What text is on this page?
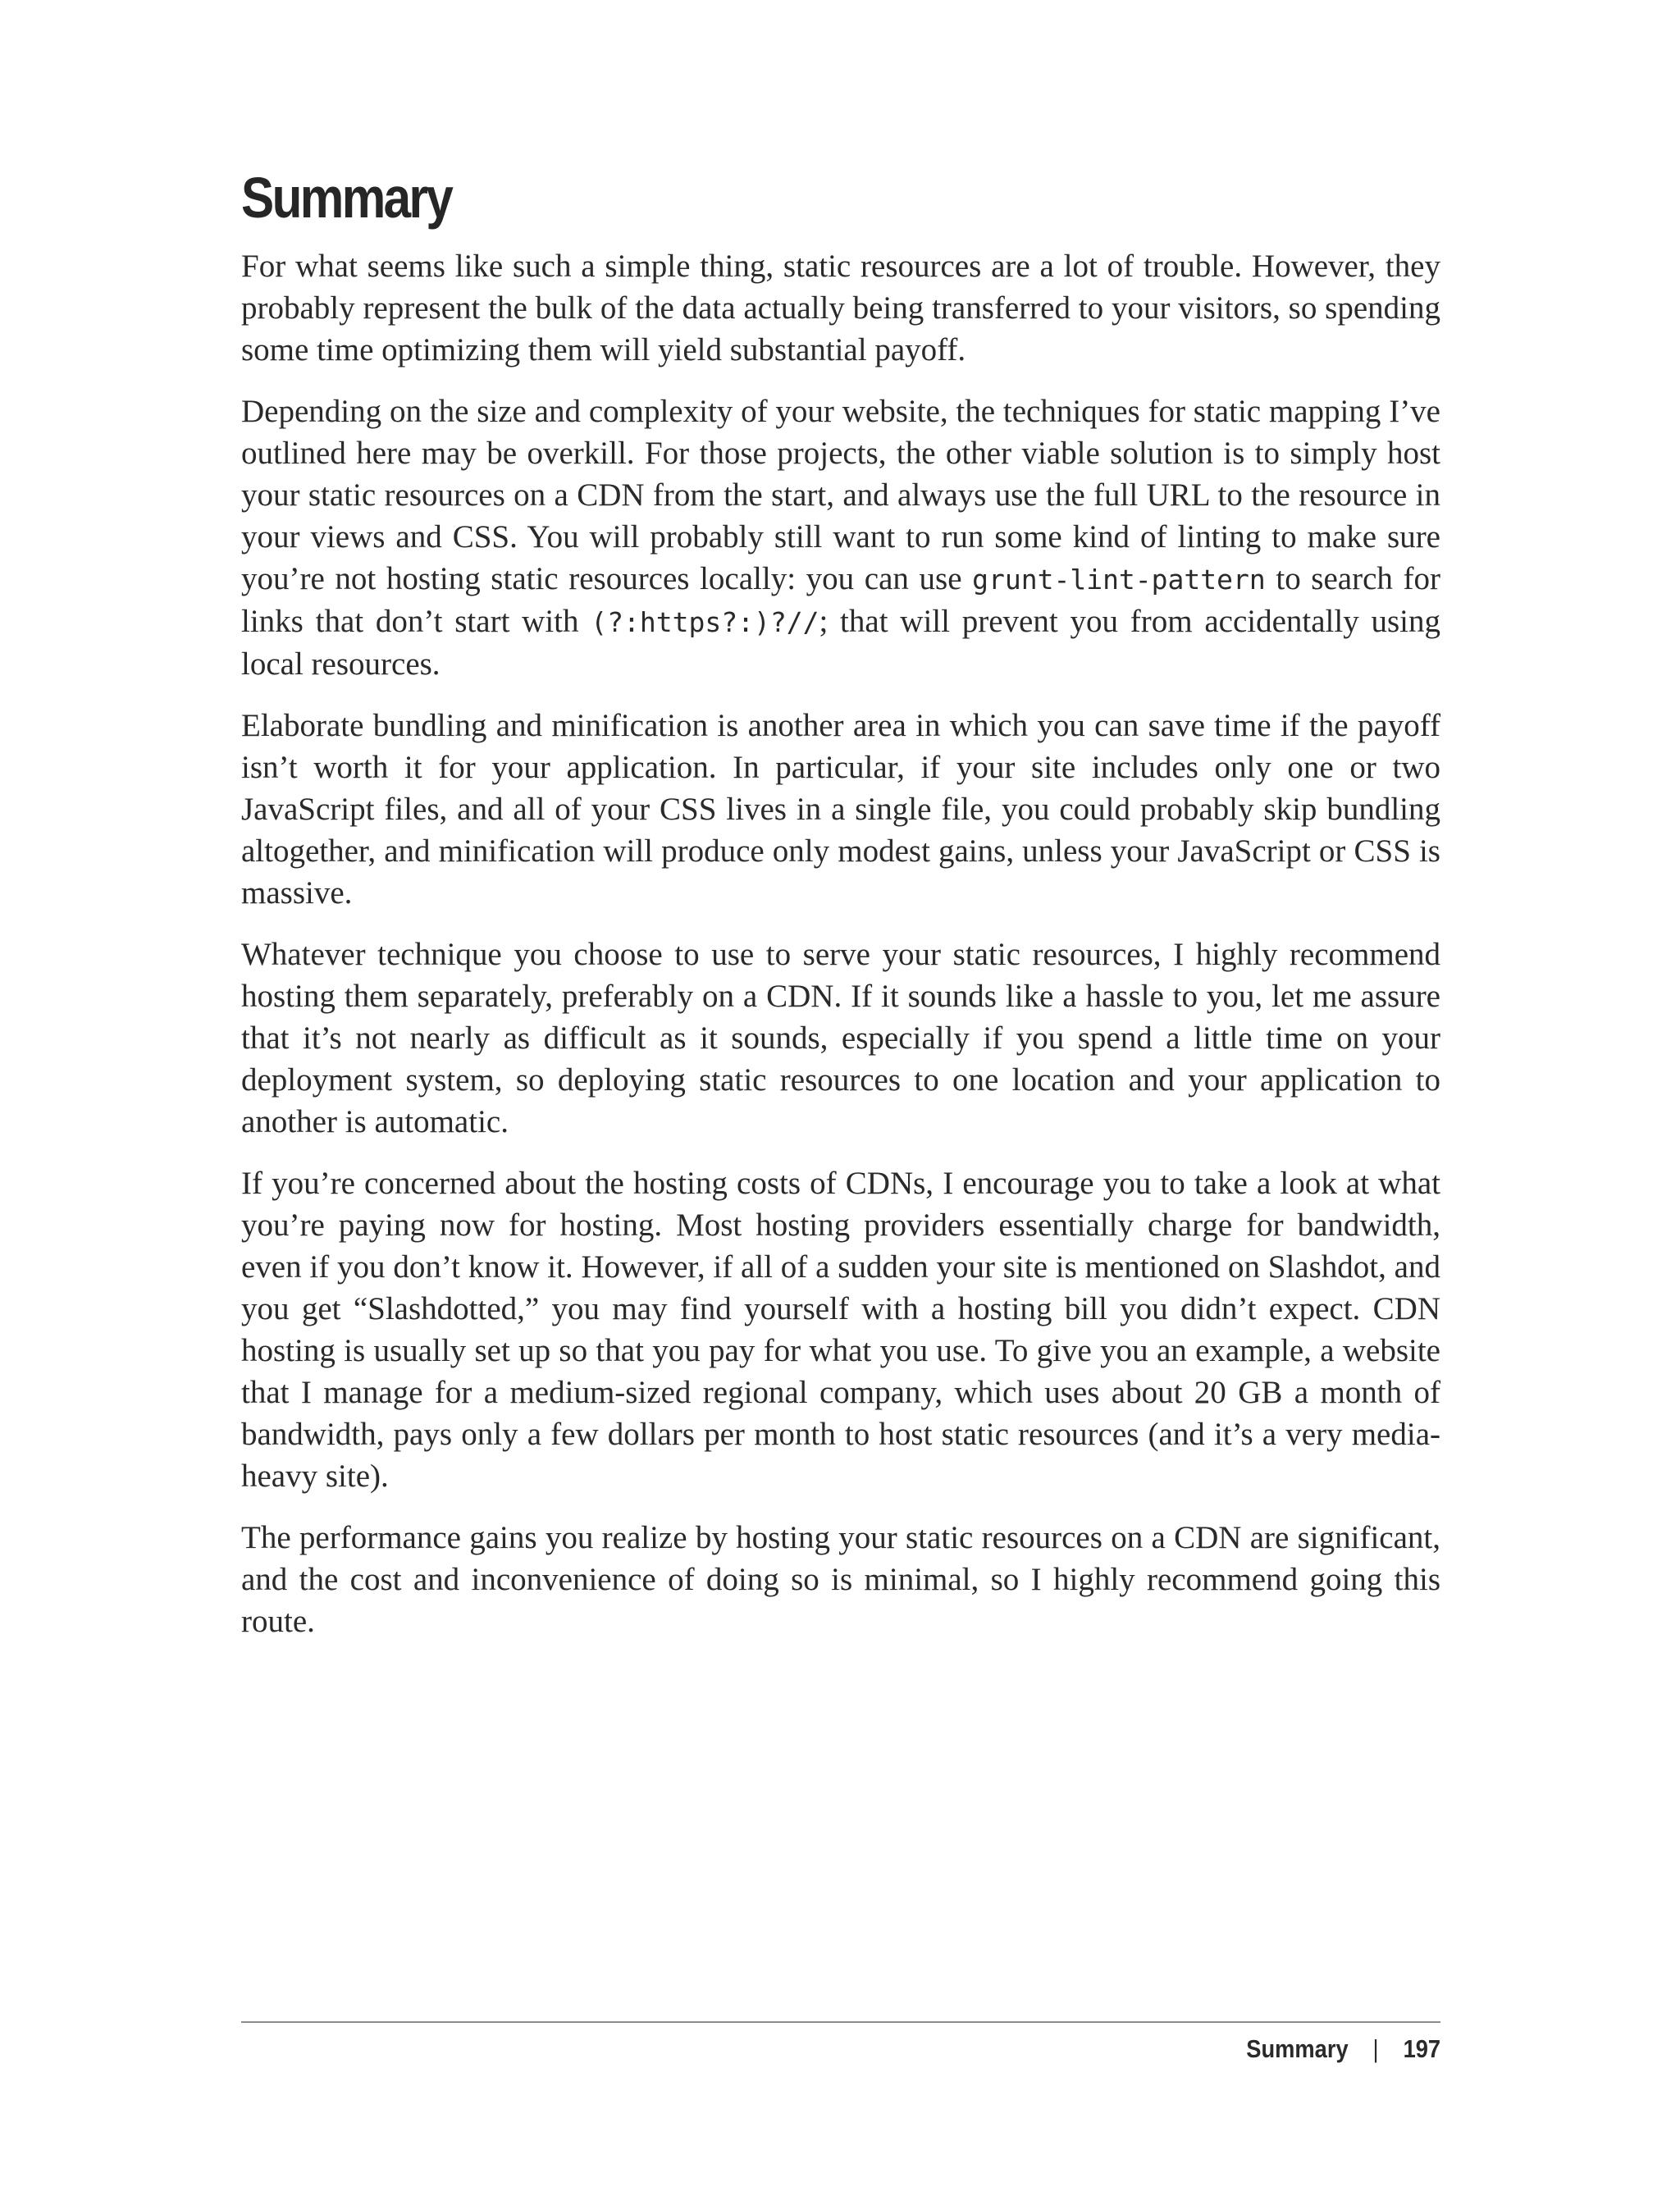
Summary

For what seems like such a simple thing, static resources are a lot of trouble. However, they probably represent the bulk of the data actually being transferred to your visitors, so spending some time optimizing them will yield substantial payoff.

Depending on the size and complexity of your website, the techniques for static mapping I’ve outlined here may be overkill. For those projects, the other viable solution is to simply host your static resources on a CDN from the start, and always use the full URL to the resource in your views and CSS. You will probably still want to run some kind of linting to make sure you’re not hosting static resources locally: you can use grunt-lint-pattern to search for links that don’t start with (?:https?:)?//; that will prevent you from accidentally using local resources.

Elaborate bundling and minification is another area in which you can save time if the payoff isn’t worth it for your application. In particular, if your site includes only one or two JavaScript files, and all of your CSS lives in a single file, you could probably skip bundling altogether, and minification will produce only modest gains, unless your JavaScript or CSS is massive.

Whatever technique you choose to use to serve your static resources, I highly recommend hosting them separately, preferably on a CDN. If it sounds like a hassle to you, let me assure that it’s not nearly as difficult as it sounds, especially if you spend a little time on your deployment system, so deploying static resources to one location and your application to another is automatic.

If you’re concerned about the hosting costs of CDNs, I encourage you to take a look at what you’re paying now for hosting. Most hosting providers essentially charge for bandwidth, even if you don’t know it. However, if all of a sudden your site is mentioned on Slashdot, and you get “Slashdotted,” you may find yourself with a hosting bill you didn’t expect. CDN hosting is usually set up so that you pay for what you use. To give you an example, a website that I manage for a medium-sized regional company, which uses about 20 GB a month of bandwidth, pays only a few dollars per month to host static resources (and it’s a very media-heavy site).

The performance gains you realize by hosting your static resources on a CDN are significant, and the cost and inconvenience of doing so is minimal, so I highly recommend going this route.

Summary | 197
